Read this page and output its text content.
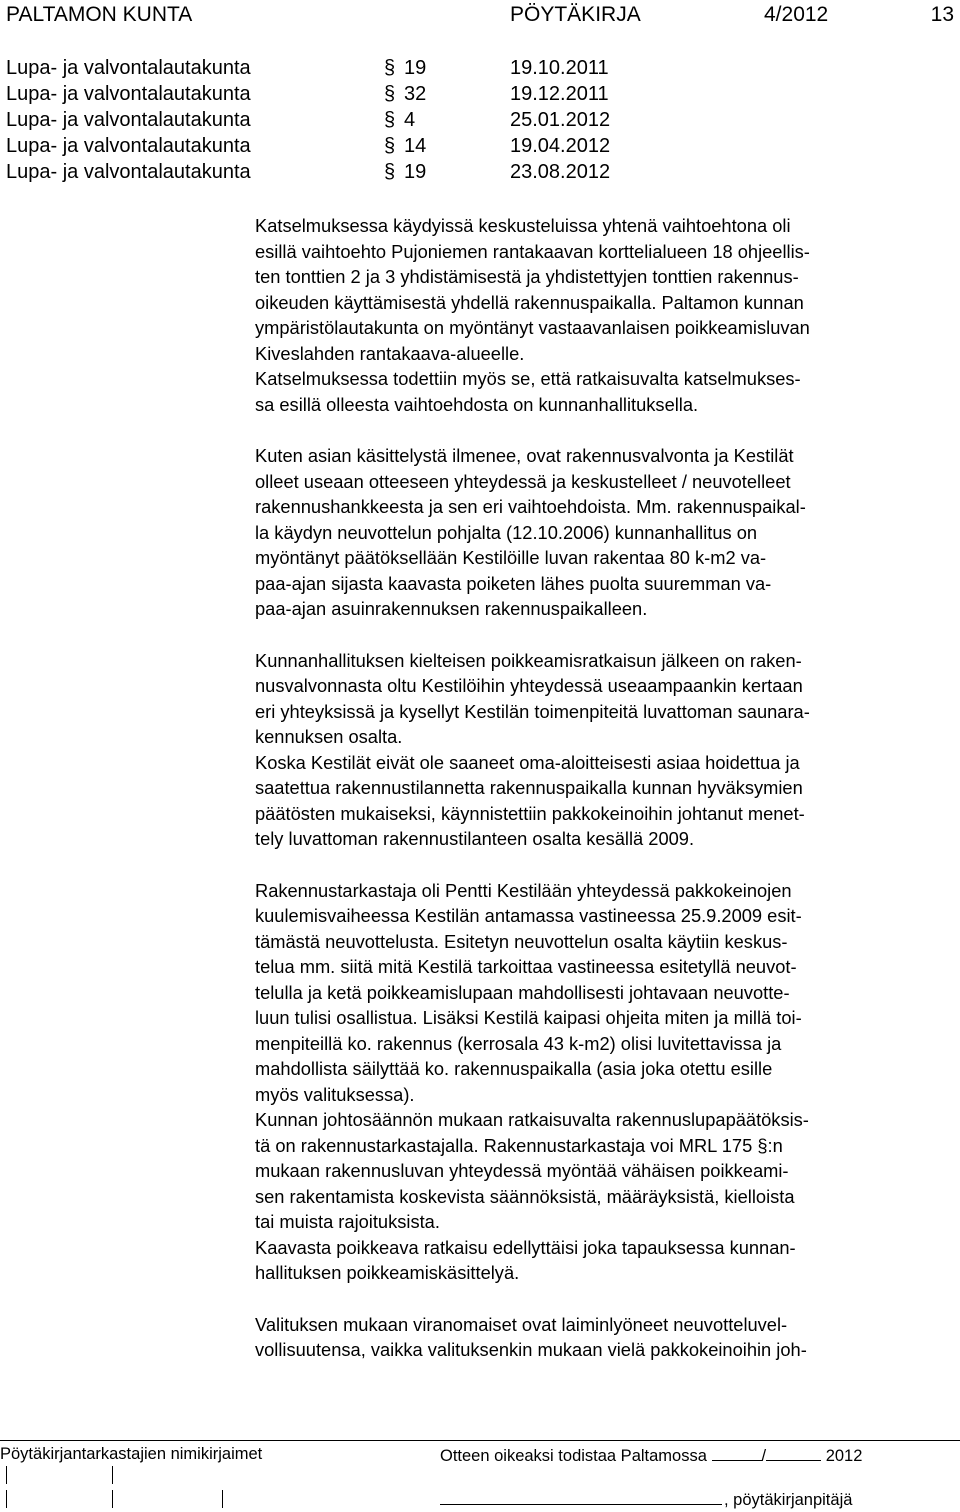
PALTAMON KUNTA	PÖYTÄKIRJA	4/2012	13
Lupa- ja valvontalautakunta	§ 19	19.10.2011
Lupa- ja valvontalautakunta	§ 32	19.12.2011
Lupa- ja valvontalautakunta	§ 4	25.01.2012
Lupa- ja valvontalautakunta	§ 14	19.04.2012
Lupa- ja valvontalautakunta	§ 19	23.08.2012

Katselmuksessa käydyissä keskusteluissa yhtenä vaihtoehtona oli
esillä vaihtoehto Pujoniemen rantakaavan korttelialueen 18 ohjeellis-
ten tonttien 2 ja 3 yhdistämisestä ja yhdistettyjen tonttien rakennus-
oikeuden käyttämisestä yhdellä rakennuspaikalla. Paltamon kunnan
ympäristölautakunta on myöntänyt vastaavanlaisen poikkeamisluvan
Kiveslahden rantakaava-alueelle.
Katselmuksessa todettiin myös se, että ratkaisuvalta katselmukses-
sa esillä olleesta vaihtoehdosta on kunnanhallituksella.

Kuten asian käsittelystä ilmenee, ovat rakennusvalvonta ja Kestilät
olleet useaan otteeseen yhteydessä ja keskustelleet / neuvotelleet
rakennushankkeesta ja sen eri vaihtoehdoista. Mm. rakennuspaikal-
la käydyn neuvottelun pohjalta (12.10.2006) kunnanhallitus on
myöntänyt päätöksellään Kestilöille luvan rakentaa 80 k-m2 va-
paa-ajan sijasta kaavasta poiketen lähes puolta suuremman va-
paa-ajan asuinrakennuksen rakennuspaikalleen.

Kunnanhallituksen kielteisen poikkeamisratkaisun jälkeen on raken-
nusvalvonnasta oltu Kestilöihin yhteydessä useaampaankin kertaan
eri yhteyksissä ja kysellyt Kestilän toimenpiteitä luvattoman saunara-
kennuksen osalta.
Koska Kestilät eivät ole saaneet oma-aloitteisesti asiaa hoidettua ja
saatettua rakennustilannetta rakennuspaikalla kunnan hyväksymien
päätösten mukaiseksi, käynnistettiin pakkokeinoihin johtanut menet-
tely luvattoman rakennustilanteen osalta kesällä 2009.

Rakennustarkastaja oli Pentti Kestilään yhteydessä pakkokeinojen
kuulemisvaiheessa Kestilän antamassa vastineessa 25.9.2009 esit-
tämästä neuvottelusta. Esitetyn neuvottelun osalta käytiin keskus-
telua mm. siitä mitä Kestilä tarkoittaa vastineessa esitetyllä neuvot-
telulla ja ketä poikkeamislupaan mahdollisesti johtavaan neuvotte-
luun tulisi osallistua. Lisäksi Kestilä kaipasi ohjeita miten ja millä toi-
menpiteillä ko. rakennus (kerrosala 43 k-m2) olisi luvitettavissa ja
mahdollista säilyttää ko. rakennuspaikalla (asia joka otettu esille
myös valituksessa).
Kunnan johtosäännön mukaan ratkaisuvalta rakennuslupapäätöksis-
tä on rakennustarkastajalla. Rakennustarkastaja voi MRL 175 §:n
mukaan rakennusluvan yhteydessä myöntää vähäisen poikkeami-
sen rakentamista koskevista säännöksistä, määräyksistä, kielloista
tai muista rajoituksista.
Kaavasta poikkeava ratkaisu edellyttäisi joka tapauksessa kunnan-
hallituksen poikkeamiskäsittelyä.

Valituksen mukaan viranomaiset ovat laiminlyöneet neuvotteluvel-
vollisuutensa, vaikka valituksenkin mukaan vielä pakkokeinoihin joh-

Pöytäkirjantarkastajien nimikirjaimet	Otteen oikeaksi todistaa Paltamossa	/	2012
, pöytäkirjanpitäjä
